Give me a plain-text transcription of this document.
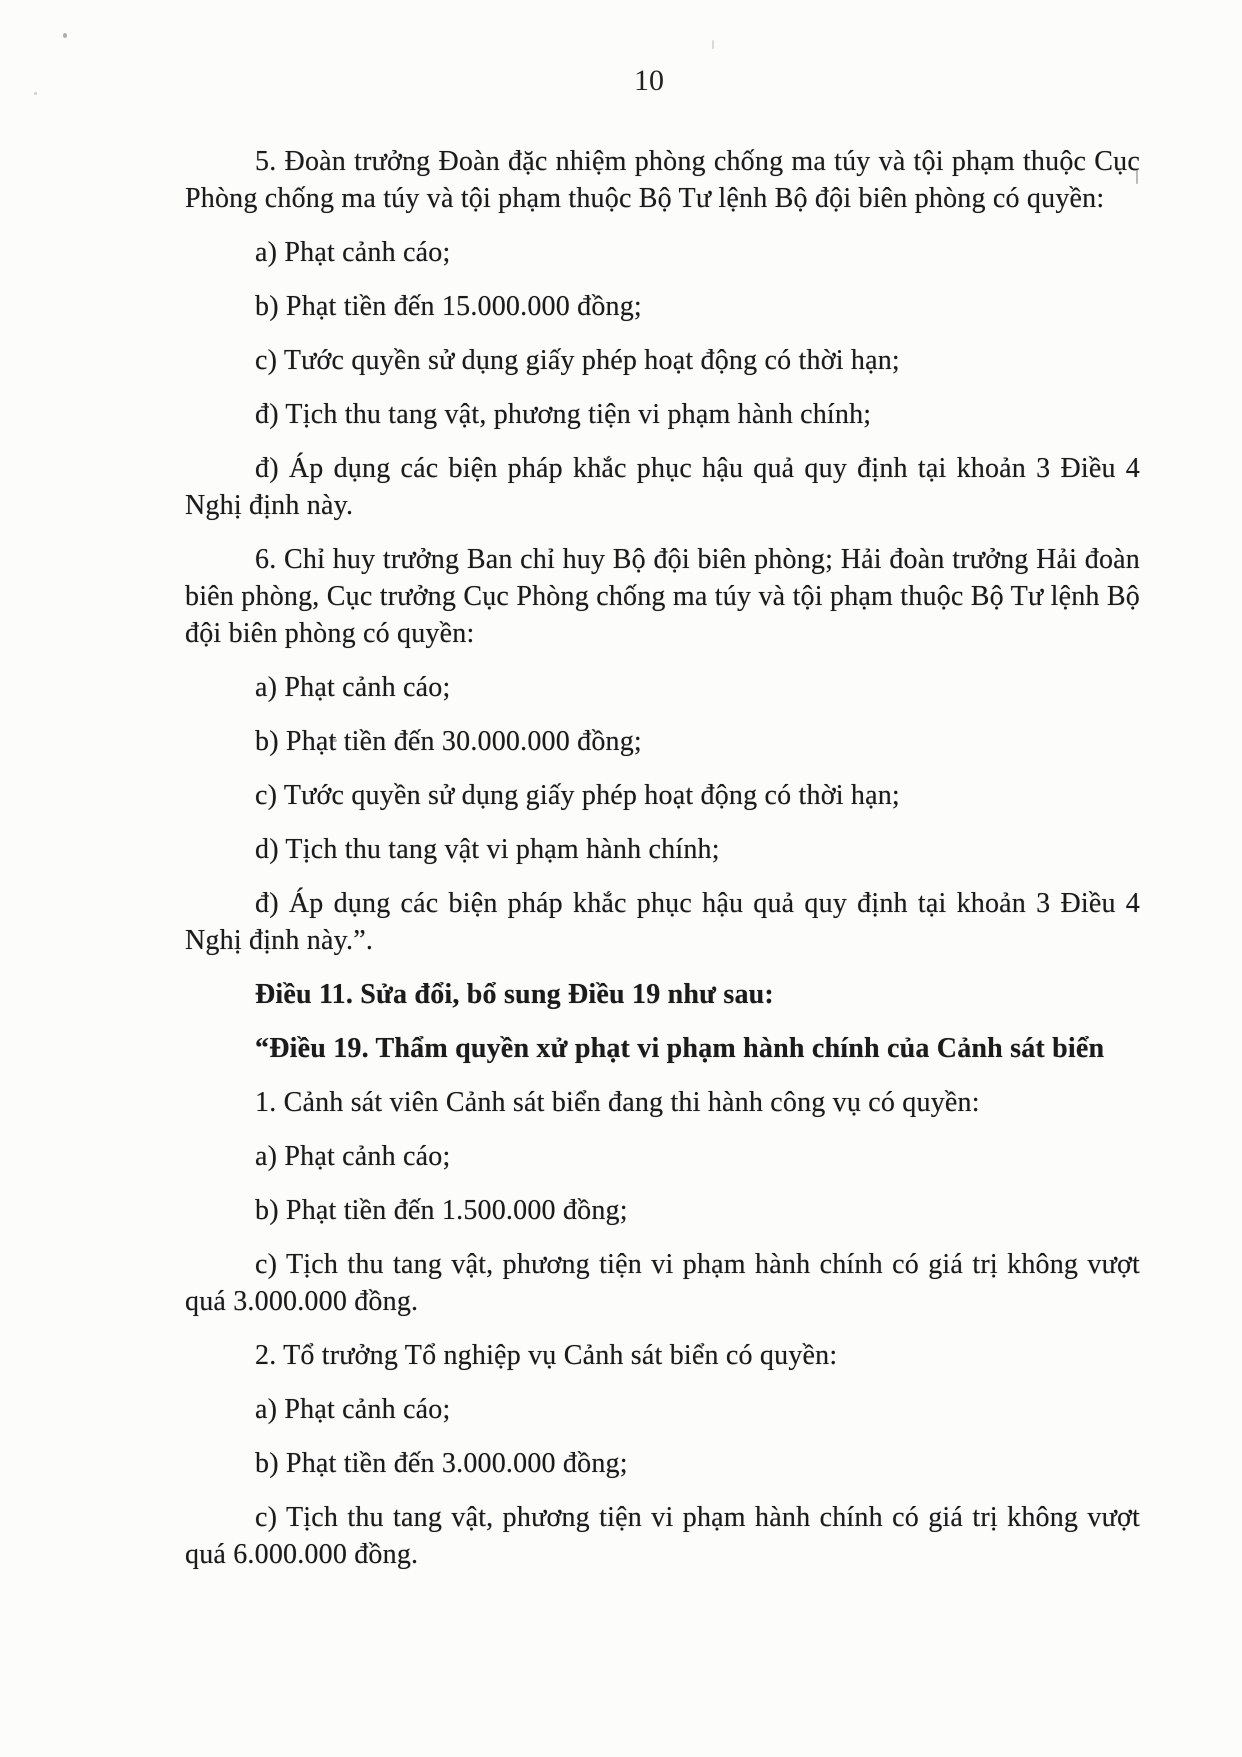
10

5. Đoàn trưởng Đoàn đặc nhiệm phòng chống ma túy và tội phạm thuộc Cục Phòng chống ma túy và tội phạm thuộc Bộ Tư lệnh Bộ đội biên phòng có quyền:

a) Phạt cảnh cáo;

b) Phạt tiền đến 15.000.000 đồng;

c) Tước quyền sử dụng giấy phép hoạt động có thời hạn;

đ) Tịch thu tang vật, phương tiện vi phạm hành chính;

đ) Áp dụng các biện pháp khắc phục hậu quả quy định tại khoản 3 Điều 4 Nghị định này.

6. Chỉ huy trưởng Ban chỉ huy Bộ đội biên phòng; Hải đoàn trưởng Hải đoàn biên phòng, Cục trưởng Cục Phòng chống ma túy và tội phạm thuộc Bộ Tư lệnh Bộ đội biên phòng có quyền:

a) Phạt cảnh cáo;

b) Phạt tiền đến 30.000.000 đồng;

c) Tước quyền sử dụng giấy phép hoạt động có thời hạn;

d) Tịch thu tang vật vi phạm hành chính;

đ) Áp dụng các biện pháp khắc phục hậu quả quy định tại khoản 3 Điều 4 Nghị định này.”.

Điều 11. Sửa đổi, bổ sung Điều 19 như sau:

“Điều 19. Thẩm quyền xử phạt vi phạm hành chính của Cảnh sát biển

1. Cảnh sát viên Cảnh sát biển đang thi hành công vụ có quyền:

a) Phạt cảnh cáo;

b) Phạt tiền đến 1.500.000 đồng;

c) Tịch thu tang vật, phương tiện vi phạm hành chính có giá trị không vượt quá 3.000.000 đồng.

2. Tổ trưởng Tổ nghiệp vụ Cảnh sát biển có quyền:

a) Phạt cảnh cáo;

b) Phạt tiền đến 3.000.000 đồng;

c) Tịch thu tang vật, phương tiện vi phạm hành chính có giá trị không vượt quá 6.000.000 đồng.
